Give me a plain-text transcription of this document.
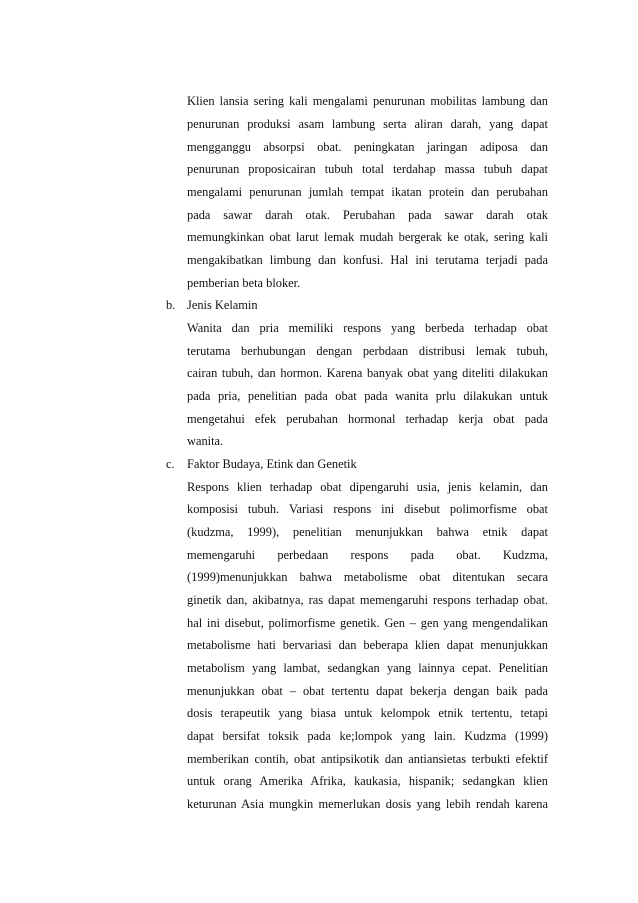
Klien lansia sering kali mengalami penurunan mobilitas lambung dan
penurunan produksi asam lambung serta aliran darah, yang dapat
mengganggu absorpsi obat. peningkatan jaringan adiposa dan
penurunan proposicairan tubuh total terdahap massa tubuh dapat
mengalami penurunan jumlah tempat ikatan protein dan perubahan
pada sawar darah otak. Perubahan pada sawar darah otak
memungkinkan obat larut lemak mudah bergerak ke otak, sering kali
mengakibatkan limbung dan konfusi. Hal ini terutama terjadi pada
pemberian beta bloker.
b. Jenis Kelamin
Wanita dan pria memiliki respons yang berbeda terhadap obat
terutama berhubungan dengan perbdaan distribusi lemak tubuh,
cairan tubuh, dan hormon. Karena banyak obat yang diteliti dilakukan
pada pria, penelitian pada obat pada wanita prlu dilakukan untuk
mengetahui efek perubahan hormonal terhadap kerja obat pada
wanita.
c. Faktor Budaya, Etink dan Genetik
Respons klien terhadap obat dipengaruhi usia, jenis kelamin, dan
komposisi tubuh. Variasi respons ini disebut polimorfisme obat
(kudzma, 1999), penelitian menunjukkan bahwa etnik dapat
memengaruhi perbedaan respons pada obat. Kudzma,
(1999)menunjukkan bahwa metabolisme obat ditentukan secara
ginetik dan, akibatnya, ras dapat memengaruhi respons terhadap obat.
hal ini disebut, polimorfisme genetik. Gen – gen yang mengendalikan
metabolisme hati bervariasi dan beberapa klien dapat menunjukkan
metabolism yang lambat, sedangkan yang lainnya cepat. Penelitian
menunjukkan obat – obat tertentu dapat bekerja dengan baik pada
dosis terapeutik yang biasa untuk kelompok etnik tertentu, tetapi
dapat bersifat toksik pada ke;lompok yang lain. Kudzma (1999)
memberikan contih, obat antipsikotik dan antiansietas terbukti efektif
untuk orang Amerika Afrika, kaukasia, hispanik; sedangkan klien
keturunan Asia mungkin memerlukan dosis yang lebih rendah karena
